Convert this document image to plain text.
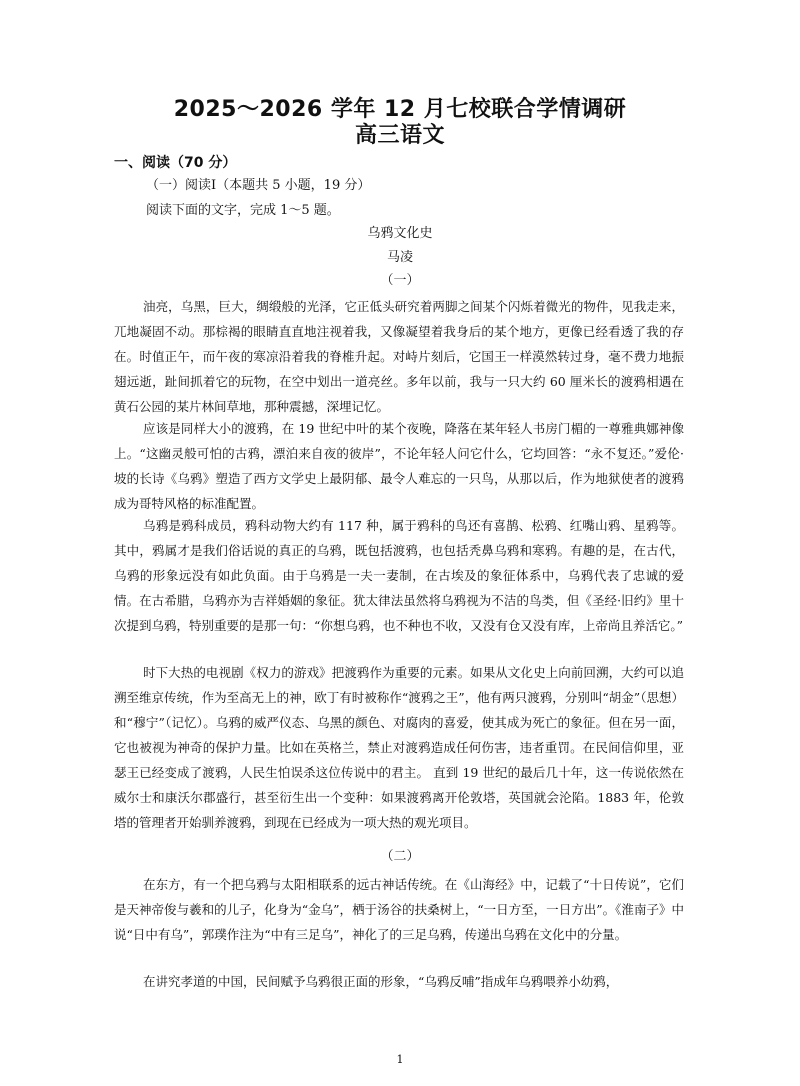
2025～2026 学年 12 月七校联合学情调研
高三语文
一、阅读（70 分）
（一）阅读Ⅰ（本题共 5 小题，19 分）
阅读下面的文字，完成 1～5 题。
乌鸦文化史
马凌
（一）

油亮，乌黑，巨大，绸缎般的光泽，它正低头研究着两脚之间某个闪烁着微光的物件，见我走来，兀地凝固不动。那棕褐的眼睛直直地注视着我，又像凝望着我身后的某个地方，更像已经看透了我的存在。时值正午，而午夜的寒凉沿着我的脊椎升起。对峙片刻后，它国王一样漠然转过身，毫不费力地振翅远逝，趾间抓着它的玩物，在空中划出一道亮丝。多年以前，我与一只大约 60 厘米长的渡鸦相遇在黄石公园的某片林间草地，那种震撼，深埋记忆。

应该是同样大小的渡鸦，在 19 世纪中叶的某个夜晚，降落在某年轻人书房门楣的一尊雅典娜神像上。“这幽灵般可怕的古鸦，漂泊来自夜的彼岸”，不论年轻人问它什么，它均回答：“永不复还。”爱伦·坡的长诗《乌鸦》塑造了西方文学史上最阴郁、最令人难忘的一只鸟，从那以后，作为地狱使者的渡鸦成为哥特风格的标准配置。

乌鸦是鸦科成员，鸦科动物大约有 117 种，属于鸦科的鸟还有喜鹊、松鸦、红嘴山鸦、星鸦等。其中，鸦属才是我们俗话说的真正的乌鸦，既包括渡鸦，也包括秃鼻乌鸦和寒鸦。有趣的是，在古代，乌鸦的形象远没有如此负面。由于乌鸦是一夫一妻制，在古埃及的象征体系中，乌鸦代表了忠诚的爱情。在古希腊，乌鸦亦为吉祥婚姻的象征。犹太律法虽然将乌鸦视为不洁的鸟类，但《圣经·旧约》里十次提到乌鸦，特别重要的是那一句：“你想乌鸦，也不种也不收，又没有仓又没有库，上帝尚且养活它。”

时下大热的电视剧《权力的游戏》把渡鸦作为重要的元素。如果从文化史上向前回溯，大约可以追溯至维京传统，作为至高无上的神，欧丁有时被称作“渡鸦之王”，他有两只渡鸦，分别叫“胡金”（思想）和“穆宁”（记忆）。乌鸦的威严仪态、乌黑的颜色、对腐肉的喜爱，使其成为死亡的象征。但在另一面，它也被视为神奇的保护力量。比如在英格兰，禁止对渡鸦造成任何伤害，违者重罚。在民间信仰里，亚瑟王已经变成了渡鸦，人民生怕误杀这位传说中的君主。 直到 19 世纪的最后几十年，这一传说依然在威尔士和康沃尔郡盛行，甚至衍生出一个变种：如果渡鸦离开伦敦塔，英国就会沦陷。1883 年，伦敦塔的管理者开始驯养渡鸦，到现在已经成为一项大热的观光项目。

（二）

在东方，有一个把乌鸦与太阳相联系的远古神话传统。在《山海经》中，记载了“十日传说”，它们是天神帝俊与羲和的儿子，化身为“金乌”，栖于汤谷的扶桑树上，“一日方至，一日方出”。《淮南子》中说“日中有乌”，郭璞作注为“中有三足乌”，神化了的三足乌鸦，传递出乌鸦在文化中的分量。

在讲究孝道的中国，民间赋予乌鸦很正面的形象，“乌鸦反哺”指成年乌鸦喂养小幼鸦，

1
